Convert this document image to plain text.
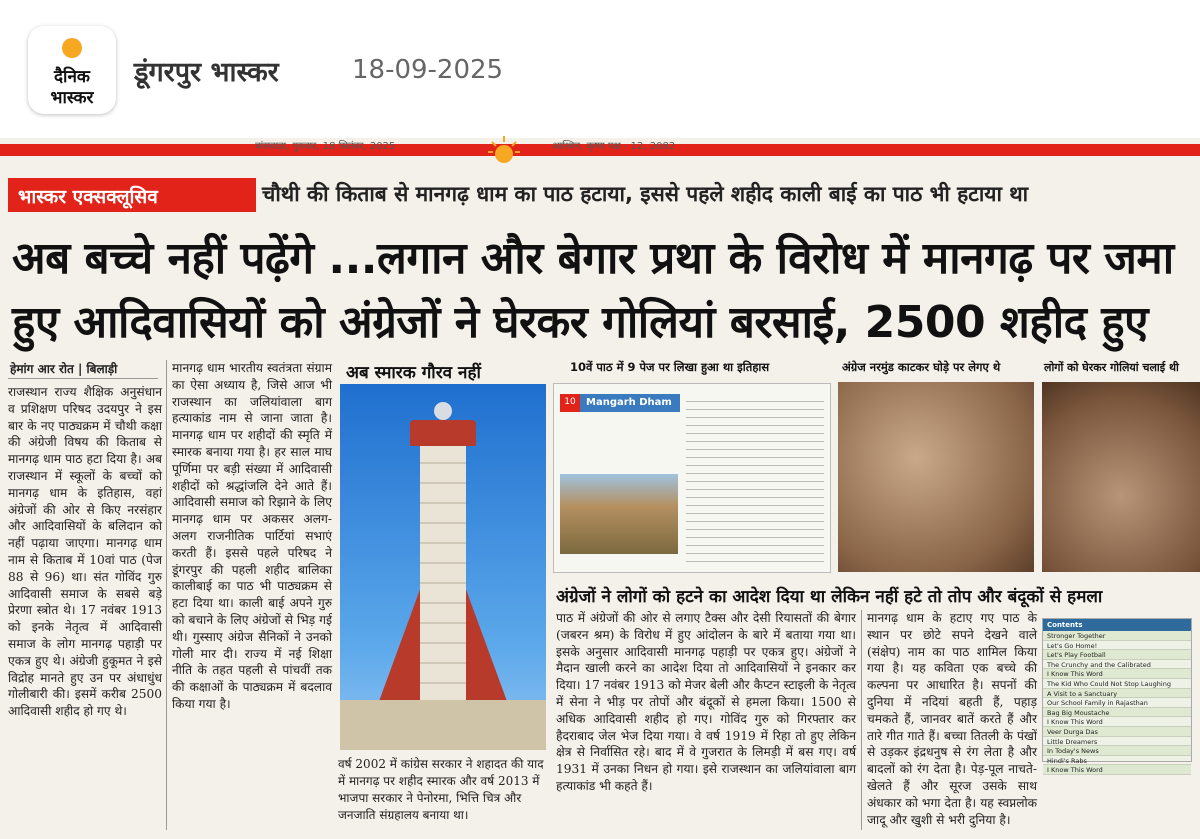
दैनिक
भास्कर
डूंगरपुर भास्कर	18-09-2025
बांसवाड़ा, गुरुवार, 18 सितंबर, 2025	आश्विन, कृष्ण पक्ष - 12, 2082
भास्कर एक्सक्लूसिव	चौथी की किताब से मानगढ़ धाम का पाठ हटाया, इससे पहले शहीद काली बाई का पाठ भी हटाया था
अब बच्चे नहीं पढ़ेंगे ...लगान और बेगार प्रथा के विरोध में मानगढ़ पर जमा
हुए आदिवासियों को अंग्रेजों ने घेरकर गोलियां बरसाई, 2500 शहीद हुए
हेमांग आर रोत | बिलाड़ी
राजस्थान राज्य शैक्षिक अनुसंधान व प्रशिक्षण परिषद उदयपुर ने इस बार के नए पाठ्यक्रम में चौथी कक्षा की अंग्रेजी विषय की किताब से मानगढ़ धाम पाठ हटा दिया है। अब राजस्थान में स्कूलों के बच्चों को मानगढ़ धाम के इतिहास, वहां अंग्रेजों की ओर से किए नरसंहार और आदिवासियों के बलिदान को नहीं पढ़ाया जाएगा। मानगढ़ धाम नाम से किताब में 10वां पाठ (पेज 88 से 96) था। संत गोविंद गुरु आदिवासी समाज के सबसे बड़े प्रेरणा स्त्रोत थे। 17 नवंबर 1913 को इनके नेतृत्व में आदिवासी समाज के लोग मानगढ़ पहाड़ी पर एकत्र हुए थे। अंग्रेजी हुकूमत ने इसे विद्रोह मानते हुए उन पर अंधाधुंध गोलीबारी की। इसमें करीब 2500 आदिवासी शहीद हो गए थे।
मानगढ़ धाम भारतीय स्वतंत्रता संग्राम का ऐसा अध्याय है, जिसे आज भी राजस्थान का जलियांवाला बाग हत्याकांड नाम से जाना जाता है। मानगढ़ धाम पर शहीदों की स्मृति में स्मारक बनाया गया है। हर साल माघ पूर्णिमा पर बड़ी संख्या में आदिवासी शहीदों को श्रद्धांजलि देने आते हैं। आदिवासी समाज को रिझाने के लिए मानगढ़ धाम पर अकसर अलग-अलग राजनीतिक पार्टियां सभाएं करती हैं। इससे पहले परिषद ने डूंगरपुर की पहली शहीद बालिका कालीबाई का पाठ भी पाठ्यक्रम से हटा दिया था। काली बाई अपने गुरु को बचाने के लिए अंग्रेजों से भिड़ गई थी। गुस्साए अंग्रेज सैनिकों ने उनको गोली मार दी। राज्य में नई शिक्षा नीति के तहत पहली से पांचवीं तक की कक्षाओं के पाठ्यक्रम में बदलाव किया गया है।
अब स्मारक गौरव नहीं
वर्ष 2002 में कांग्रेस सरकार ने शहादत की याद में मानगढ़ पर शहीद स्मारक और वर्ष 2013 में भाजपा सरकार ने पेनोरमा, भित्ति चित्र और जनजाति संग्रहालय बनाया था।
10वें पाठ में 9 पेज पर लिखा हुआ था इतिहास
Mangarh Dham
10
अंग्रेज नरमुंड काटकर घोड़े पर लेगए थे	लोगों को घेरकर गोलियां चलाई थी
अंग्रेजों ने लोगों को हटने का आदेश दिया था लेकिन नहीं हटे तो तोप और बंदूकों से हमला
पाठ में अंग्रेजों की ओर से लगाए टैक्स और देसी रियासतों की बेगार (जबरन श्रम) के विरोध में हुए आंदोलन के बारे में बताया गया था। इसके अनुसार आदिवासी मानगढ़ पहाड़ी पर एकत्र हुए। अंग्रेजों ने मैदान खाली करने का आदेश दिया तो आदिवासियों ने इनकार कर दिया। 17 नवंबर 1913 को मेजर बेली और कैप्टन स्टाइली के नेतृत्व में सेना ने भीड़ पर तोपों और बंदूकों से हमला किया। 1500 से अधिक आदिवासी शहीद हो गए। गोविंद गुरु को गिरफ्तार कर हैदराबाद जेल भेज दिया गया। वे वर्ष 1919 में रिहा तो हुए लेकिन क्षेत्र से निर्वासित रहे। बाद में वे गुजरात के लिमड़ी में बस गए। वर्ष 1931 में उनका निधन हो गया। इसे राजस्थान का जलियांवाला बाग हत्याकांड भी कहते हैं।
मानगढ़ धाम के हटाए गए पाठ के स्थान पर छोटे सपने देखने वाले (संक्षेप) नाम का पाठ शामिल किया गया है। यह कविता एक बच्चे की कल्पना पर आधारित है। सपनों की दुनिया में नदियां बहती हैं, पहाड़ चमकते हैं, जानवर बातें करते हैं और तारे गीत गाते हैं। बच्चा तितली के पंखों से उड़कर इंद्रधनुष से रंग लेता है और बादलों को रंग देता है। पेड़-पूल नाचते-खेलते हैं और सूरज उसके साथ अंधकार को भगा देता है। यह स्वप्नलोक जादू और खुशी से भरी दुनिया है।
Contents
Stronger Together
Let's Go Home!
Let's Play Football
The Crunchy and the Calibrated
I Know This Word
The Kid Who Could Not Stop Laughing
A Visit to a Sanctuary
Our School Family in Rajasthan
Bag Big Moustache
I Know This Word
Veer Durga Das
Little Dreamers
In Today's News
Hindi's Rabs
I Know This Word
